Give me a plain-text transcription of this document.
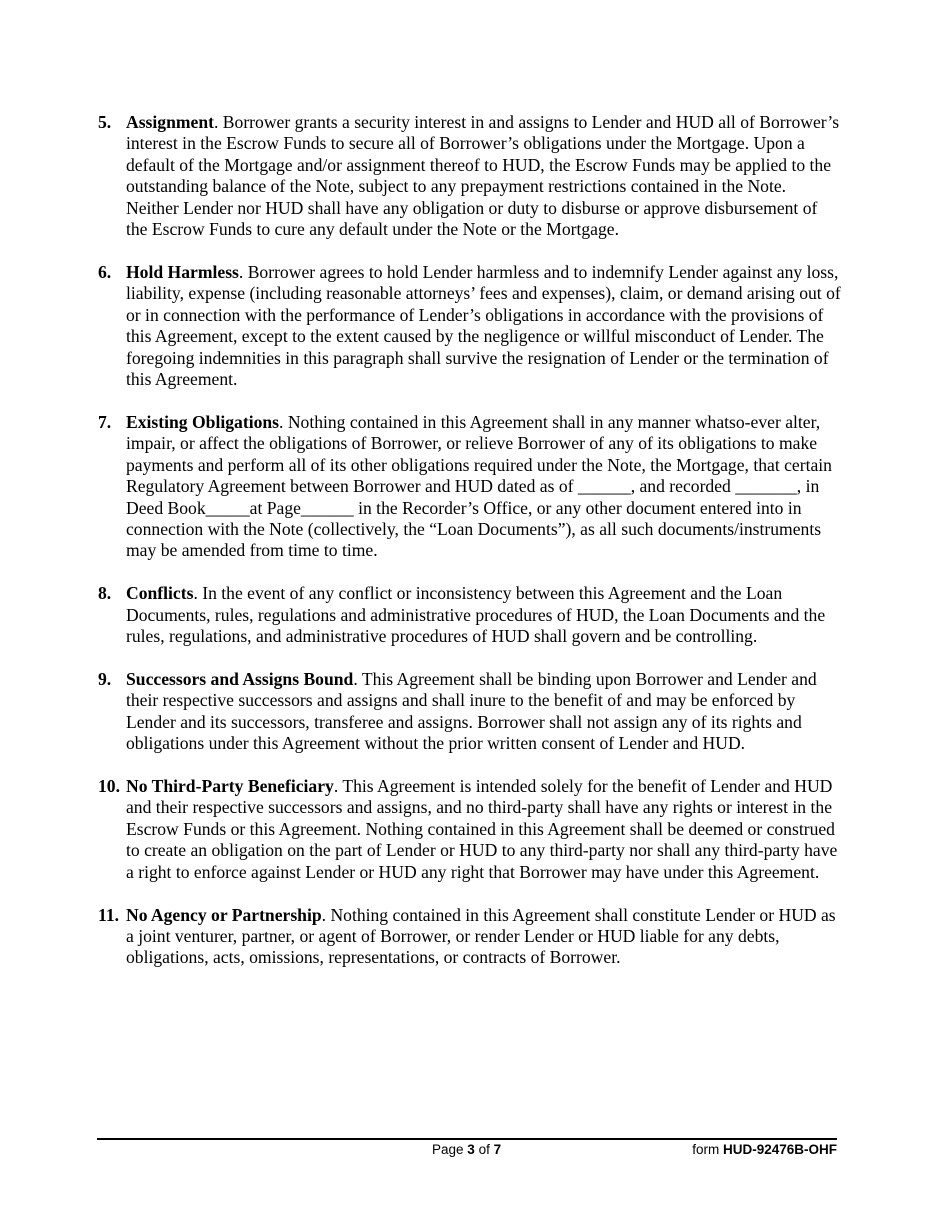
5. Assignment. Borrower grants a security interest in and assigns to Lender and HUD all of Borrower’s interest in the Escrow Funds to secure all of Borrower’s obligations under the Mortgage. Upon a default of the Mortgage and/or assignment thereof to HUD, the Escrow Funds may be applied to the outstanding balance of the Note, subject to any prepayment restrictions contained in the Note. Neither Lender nor HUD shall have any obligation or duty to disburse or approve disbursement of the Escrow Funds to cure any default under the Note or the Mortgage.
6. Hold Harmless. Borrower agrees to hold Lender harmless and to indemnify Lender against any loss, liability, expense (including reasonable attorneys’ fees and expenses), claim, or demand arising out of or in connection with the performance of Lender’s obligations in accordance with the provisions of this Agreement, except to the extent caused by the negligence or willful misconduct of Lender. The foregoing indemnities in this paragraph shall survive the resignation of Lender or the termination of this Agreement.
7. Existing Obligations. Nothing contained in this Agreement shall in any manner whatso-ever alter, impair, or affect the obligations of Borrower, or relieve Borrower of any of its obligations to make payments and perform all of its other obligations required under the Note, the Mortgage, that certain Regulatory Agreement between Borrower and HUD dated as of ______, and recorded _______, in Deed Book_____at Page______ in the Recorder’s Office, or any other document entered into in connection with the Note (collectively, the “Loan Documents”), as all such documents/instruments may be amended from time to time.
8. Conflicts. In the event of any conflict or inconsistency between this Agreement and the Loan Documents, rules, regulations and administrative procedures of HUD, the Loan Documents and the rules, regulations, and administrative procedures of HUD shall govern and be controlling.
9. Successors and Assigns Bound. This Agreement shall be binding upon Borrower and Lender and their respective successors and assigns and shall inure to the benefit of and may be enforced by Lender and its successors, transferee and assigns. Borrower shall not assign any of its rights and obligations under this Agreement without the prior written consent of Lender and HUD.
10. No Third-Party Beneficiary. This Agreement is intended solely for the benefit of Lender and HUD and their respective successors and assigns, and no third-party shall have any rights or interest in the Escrow Funds or this Agreement. Nothing contained in this Agreement shall be deemed or construed to create an obligation on the part of Lender or HUD to any third-party nor shall any third-party have a right to enforce against Lender or HUD any right that Borrower may have under this Agreement.
11. No Agency or Partnership. Nothing contained in this Agreement shall constitute Lender or HUD as a joint venturer, partner, or agent of Borrower, or render Lender or HUD liable for any debts, obligations, acts, omissions, representations, or contracts of Borrower.
Page 3 of 7	form HUD-92476B-OHF
